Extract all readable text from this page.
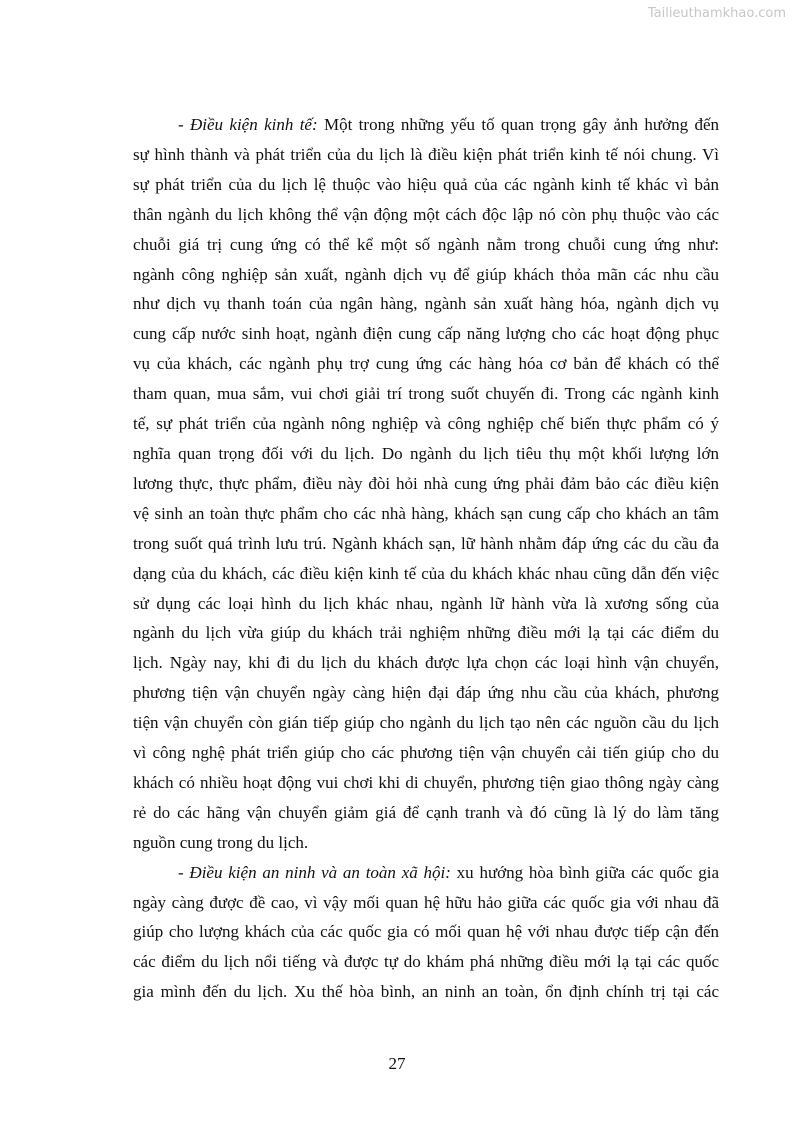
Tailieuthamkhao.com
- Điều kiện kinh tế: Một trong những yếu tố quan trọng gây ảnh hưởng đến
sự hình thành và phát triển của du lịch là điều kiện phát triển kinh tế nói chung. Vì
sự phát triển của du lịch lệ thuộc vào hiệu quả của các ngành kinh tế khác vì bản
thân ngành du lịch không thể vận động một cách độc lập nó còn phụ thuộc vào các
chuỗi giá trị cung ứng có thể kể một số ngành nằm trong chuỗi cung ứng như:
ngành công nghiệp sản xuất, ngành dịch vụ để giúp khách thỏa mãn các nhu cầu
như dịch vụ thanh toán của ngân hàng, ngành sản xuất hàng hóa, ngành dịch vụ
cung cấp nước sinh hoạt, ngành điện cung cấp năng lượng cho các hoạt động phục
vụ của khách, các ngành phụ trợ cung ứng các hàng hóa cơ bản để khách có thể
tham quan, mua sắm, vui chơi giải trí trong suốt chuyến đi. Trong các ngành kinh
tế, sự phát triển của ngành nông nghiệp và công nghiệp chế biến thực phẩm có ý
nghĩa quan trọng đối với du lịch. Do ngành du lịch tiêu thụ một khối lượng lớn
lương thực, thực phẩm, điều này đòi hỏi nhà cung ứng phải đảm bảo các điều kiện
vệ sinh an toàn thực phẩm cho các nhà hàng, khách sạn cung cấp cho khách an tâm
trong suốt quá trình lưu trú. Ngành khách sạn, lữ hành nhằm đáp ứng các du cầu đa
dạng của du khách, các điều kiện kinh tế của du khách khác nhau cũng dẫn đến việc
sử dụng các loại hình du lịch khác nhau, ngành lữ hành vừa là xương sống của
ngành du lịch vừa giúp du khách trải nghiệm những điều mới lạ tại các điểm du
lịch. Ngày nay, khi đi du lịch du khách được lựa chọn các loại hình vận chuyển,
phương tiện vận chuyển ngày càng hiện đại đáp ứng nhu cầu của khách, phương
tiện vận chuyển còn gián tiếp giúp cho ngành du lịch tạo nên các nguồn cầu du lịch
vì công nghệ phát triển giúp cho các phương tiện vận chuyển cải tiến giúp cho du
khách có nhiều hoạt động vui chơi khi di chuyển, phương tiện giao thông ngày càng
rẻ do các hãng vận chuyển giảm giá để cạnh tranh và đó cũng là lý do làm tăng
nguồn cung trong du lịch.
- Điều kiện an ninh và an toàn xã hội: xu hướng hòa bình giữa các quốc gia
ngày càng được đề cao, vì vậy mối quan hệ hữu hảo giữa các quốc gia với nhau đã
giúp cho lượng khách của các quốc gia có mối quan hệ với nhau được tiếp cận đến
các điểm du lịch nổi tiếng và được tự do khám phá những điều mới lạ tại các quốc
gia mình đến du lịch. Xu thế hòa bình, an ninh an toàn, ổn định chính trị tại các
27
